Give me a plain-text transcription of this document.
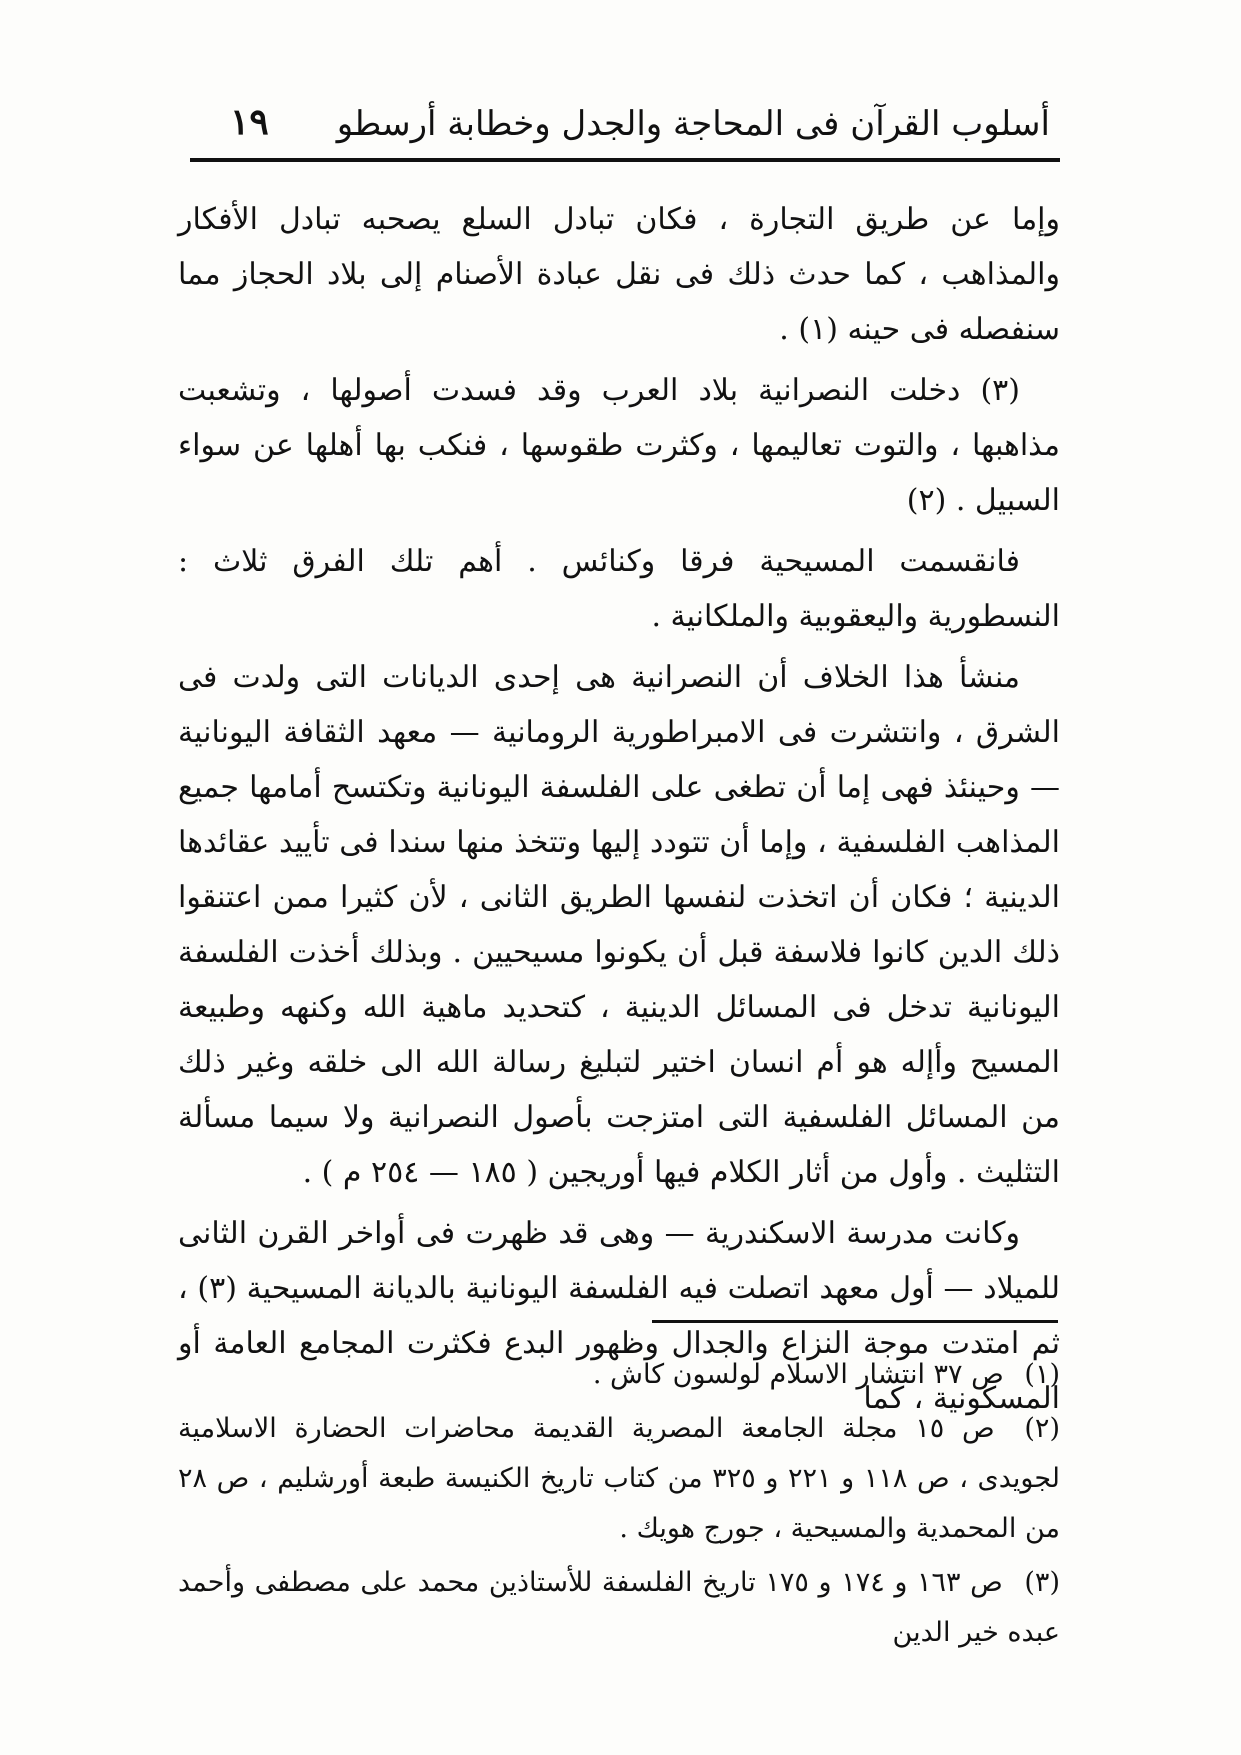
أسلوب القرآن فى المحاجة والجدل وخطابة أرسطو
١٩

وإما عن طريق التجارة ، فكان تبادل السلع يصحبه تبادل الأفكار والمذاهب ، كما حدث ذلك فى نقل عبادة الأصنام إلى بلاد الحجاز مما سنفصله فى حينه (١) .

(٣) دخلت النصرانية بلاد العرب وقد فسدت أصولها ، وتشعبت مذاهبها ، والتوت تعاليمها ، وكثرت طقوسها ، فنكب بها أهلها عن سواء السبيل . (٢)

فانقسمت المسيحية فرقا وكنائس . أهم تلك الفرق ثلاث : النسطورية واليعقوبية والملكانية .

منشأ هذا الخلاف أن النصرانية هى إحدى الديانات التى ولدت فى الشرق ، وانتشرت فى الامبراطورية الرومانية — معهد الثقافة اليونانية — وحينئذ فهى إما أن تطغى على الفلسفة اليونانية وتكتسح أمامها جميع المذاهب الفلسفية ، وإما أن تتودد إليها وتتخذ منها سندا فى تأييد عقائدها الدينية ؛ فكان أن اتخذت لنفسها الطريق الثانى ، لأن كثيرا ممن اعتنقوا ذلك الدين كانوا فلاسفة قبل أن يكونوا مسيحيين . وبذلك أخذت الفلسفة اليونانية تدخل فى المسائل الدينية ، كتحديد ماهية الله وكنهه وطبيعة المسيح وأإله هو أم انسان اختير لتبليغ رسالة الله الى خلقه وغير ذلك من المسائل الفلسفية التى امتزجت بأصول النصرانية ولا سيما مسألة التثليث . وأول من أثار الكلام فيها أوريجين ( ١٨٥ — ٢٥٤ م ) .

وكانت مدرسة الاسكندرية — وهى قد ظهرت فى أواخر القرن الثانى للميلاد — أول معهد اتصلت فيه الفلسفة اليونانية بالديانة المسيحية (٣) ، ثم امتدت موجة النزاع والجدال وظهور البدع فكثرت المجامع العامة أو المسكونية ، كما

(١) ص ٣٧ انتشار الاسلام لولسون كاش .

(٢) ص ١٥ مجلة الجامعة المصرية القديمة محاضرات الحضارة الاسلامية لجويدى ، ص ١١٨ و ٢٢١ و ٣٢٥ من كتاب تاريخ الكنيسة طبعة أورشليم ، ص ٢٨ من المحمدية والمسيحية ، جورج هويك .

(٣) ص ١٦٣ و ١٧٤ و ١٧٥ تاريخ الفلسفة للأستاذين محمد على مصطفى وأحمد عبده خير الدين
